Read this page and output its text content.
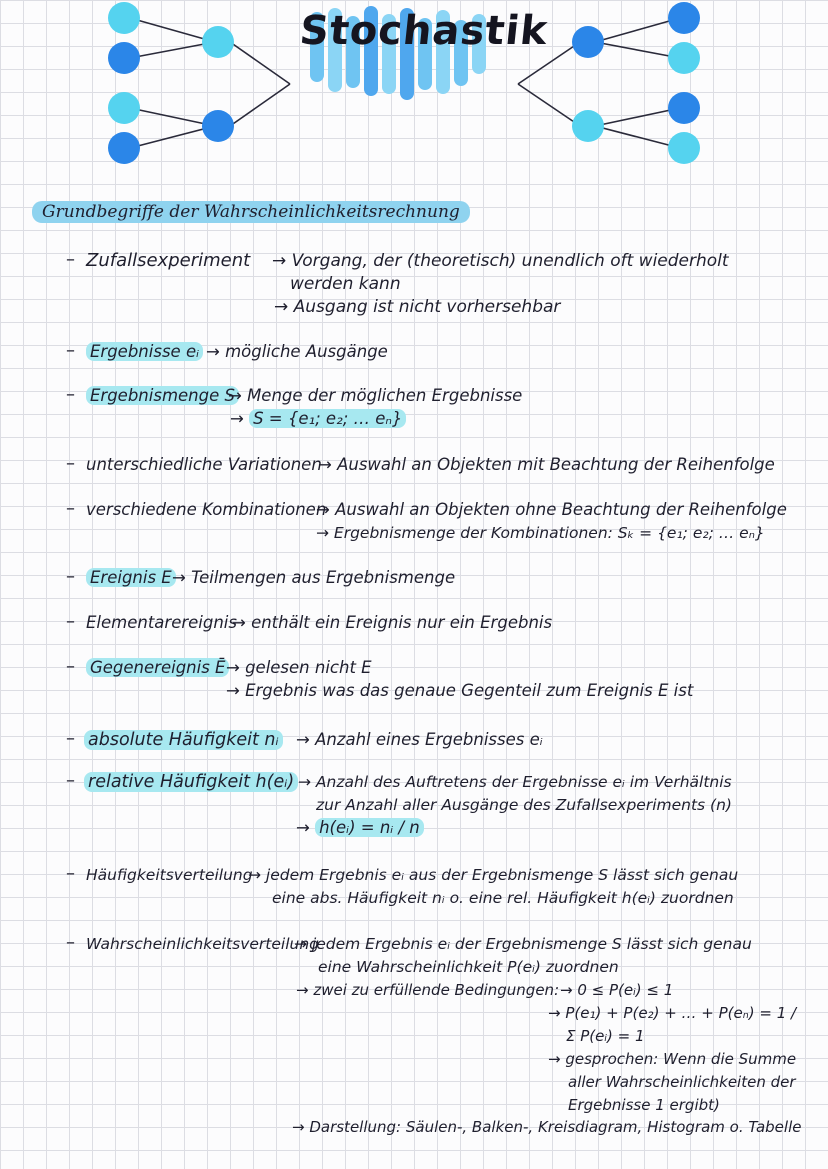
Stochastik
Grundbegriffe der Wahrscheinlichkeitsrechnung
– Zufallsexperiment → Vorgang, der (theoretisch) unendlich oft wiederholt
werden kann
→ Ausgang ist nicht vorhersehbar
– Ergebnisse eᵢ → mögliche Ausgänge
– Ergebnismenge S
→ Menge der möglichen Ergebnisse
→ S = {e₁; e₂; … eₙ}
– unterschiedliche Variationen
→ Auswahl an Objekten mit Beachtung der Reihenfolge
– verschiedene Kombinationen
→ Auswahl an Objekten ohne Beachtung der Reihenfolge
→ Ergebnismenge der Kombinationen: Sₖ = {e₁; e₂; … eₙ}
– Ereignis E → Teilmengen aus Ergebnismenge
– Elementarereignis
→ enthält ein Ereignis nur ein Ergebnis
– Gegenereignis Ē → gelesen nicht E
→ Ergebnis was das genaue Gegenteil zum Ereignis E ist
– absolute Häufigkeit nᵢ → Anzahl eines Ergebnisses eᵢ
– relative Häufigkeit h(eᵢ) → Anzahl des Auftretens der Ergebnisse eᵢ im Verhältnis
zur Anzahl aller Ausgänge des Zufallsexperiments (n)
→ h(eᵢ) = nᵢ / n
– Häufigkeitsverteilung
→ jedem Ergebnis eᵢ aus der Ergebnismenge S lässt sich genau
eine abs. Häufigkeit nᵢ o. eine rel. Häufigkeit h(eᵢ) zuordnen
– Wahrscheinlichkeitsverteilung
→ jedem Ergebnis eᵢ der Ergebnismenge S lässt sich genau
eine Wahrscheinlichkeit P(eᵢ) zuordnen
→ zwei zu erfüllende Bedingungen: → 0 ≤ P(eᵢ) ≤ 1
→ P(e₁) + P(e₂) + … + P(eₙ) = 1 /
Σ P(eᵢ) = 1
→ gesprochen: Wenn die Summe
aller Wahrscheinlichkeiten der
Ergebnisse 1 ergibt)
→ Darstellung: Säulen-, Balken-, Kreisdiagram, Histogram o. Tabelle
